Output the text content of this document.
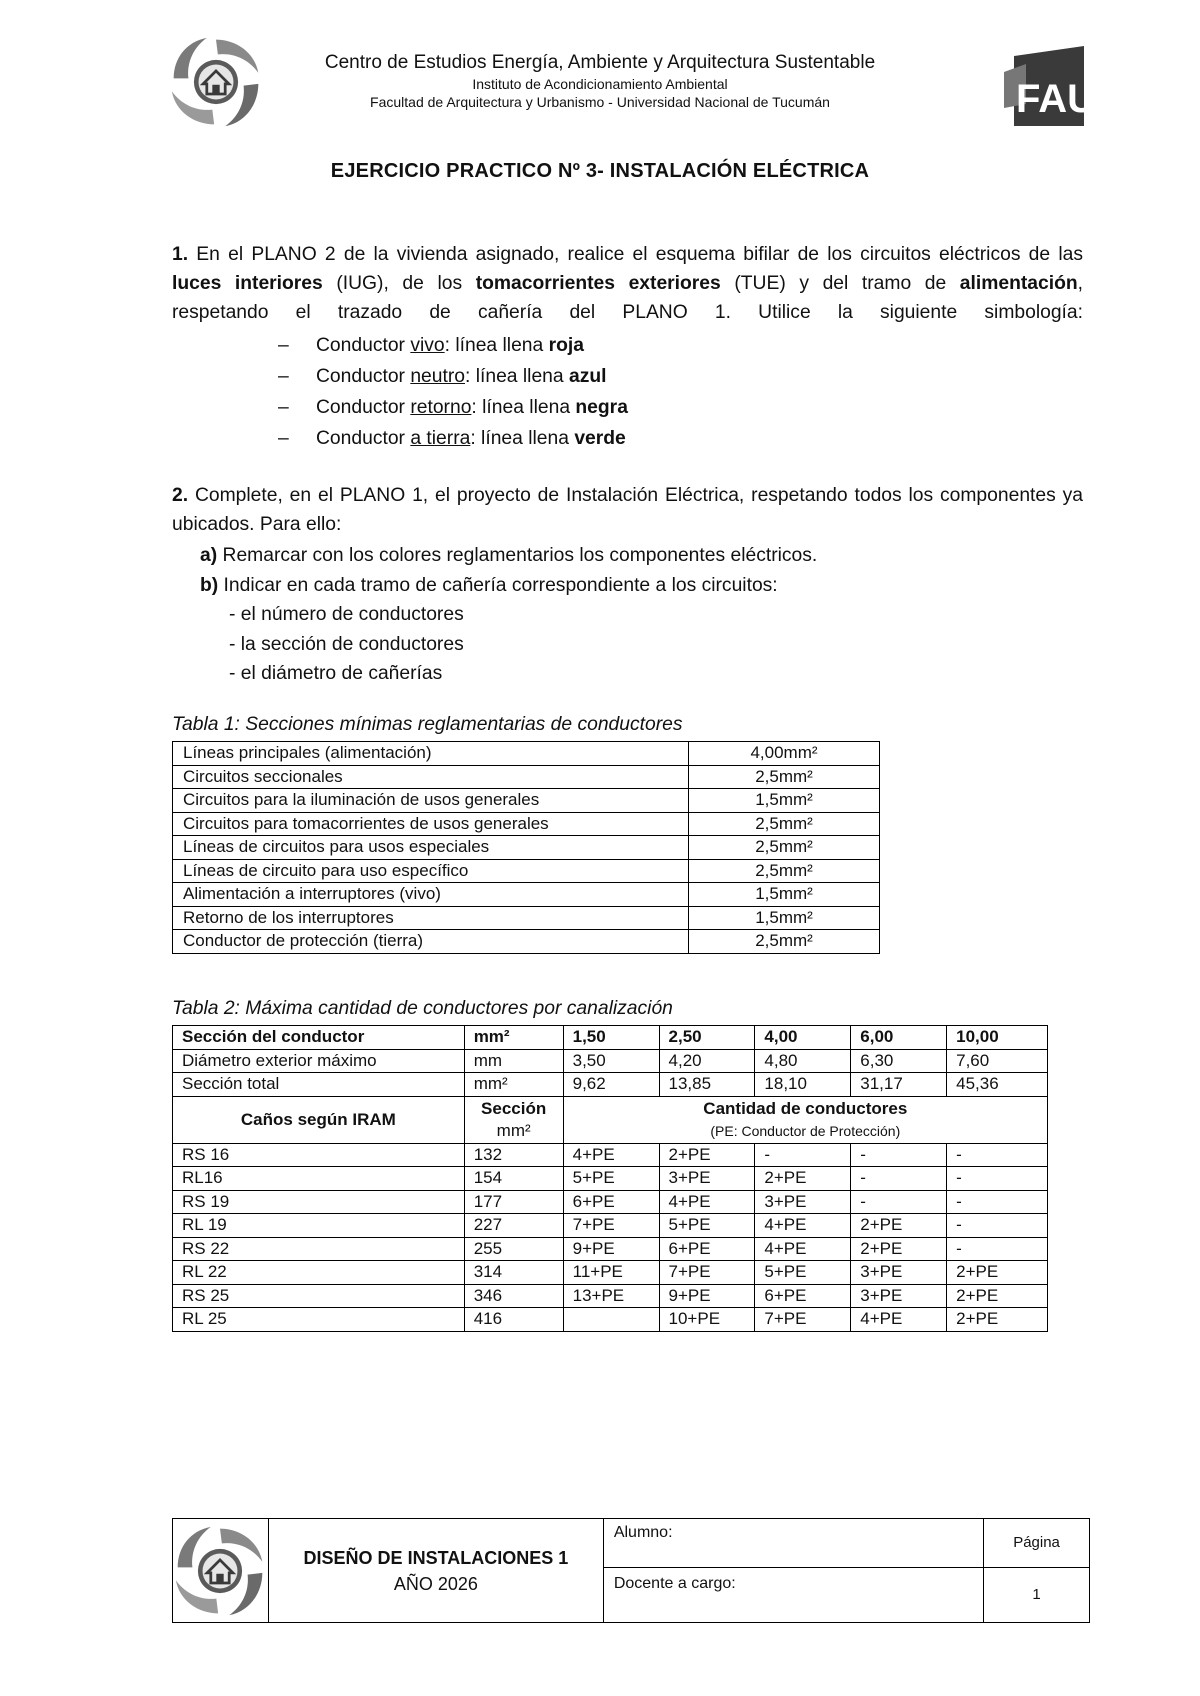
Centro de Estudios Energía, Ambiente y Arquitectura Sustentable
Instituto de Acondicionamiento Ambiental
Facultad de Arquitectura y Urbanismo - Universidad Nacional de Tucumán	FAU
EJERCICIO PRACTICO Nº 3- INSTALACIÓN ELÉCTRICA

1. En el PLANO 2 de la vivienda asignado, realice el esquema bifilar de los circuitos eléctricos de las luces interiores (IUG), de los tomacorrientes exteriores (TUE) y del tramo de alimentación, respetando el trazado de cañería del PLANO 1. Utilice la siguiente simbología:

– Conductor vivo: línea llena roja
– Conductor neutro: línea llena azul
– Conductor retorno: línea llena negra
– Conductor a tierra: línea llena verde

2. Complete, en el PLANO 1, el proyecto de Instalación Eléctrica, respetando todos los componentes ya ubicados. Para ello:

a) Remarcar con los colores reglamentarios los componentes eléctricos.
b) Indicar en cada tramo de cañería correspondiente a los circuitos:
- el número de conductores
- la sección de conductores
- el diámetro de cañerías
Tabla 1: Secciones mínimas reglamentarias de conductores
Líneas principales (alimentación)	4,00mm²
Circuitos seccionales	2,5mm²
Circuitos para la iluminación de usos generales	1,5mm²
Circuitos para tomacorrientes de usos generales	2,5mm²
Líneas de circuitos para usos especiales	2,5mm²
Líneas de circuito para uso específico	2,5mm²
Alimentación a interruptores (vivo)	1,5mm²
Retorno de los interruptores	1,5mm²
Conductor de protección (tierra)	2,5mm²
Tabla 2: Máxima cantidad de conductores por canalización
Sección del conductor	mm²	1,50	2,50	4,00	6,00	10,00
Diámetro exterior máximo	mm	3,50	4,20	4,80	6,30	7,60
Sección total	mm²	9,62	13,85	18,10	31,17	45,36
Caños según IRAM	Sección
mm²	Cantidad de conductores
(PE: Conductor de Protección)				
RS 16	132	4+PE	2+PE	-	-	-
RL16	154	5+PE	3+PE	2+PE	-	-
RS 19	177	6+PE	4+PE	3+PE	-	-
RL 19	227	7+PE	5+PE	4+PE	2+PE	-
RS 22	255	9+PE	6+PE	4+PE	2+PE	-
RL 22	314	11+PE	7+PE	5+PE	3+PE	2+PE
RS 25	346	13+PE	9+PE	6+PE	3+PE	2+PE
RL 25	416		10+PE	7+PE	4+PE	2+PE
	DISEÑO DE INSTALACIONES 1
AÑO 2026	Alumno:	Página
		Docente a cargo:	1
